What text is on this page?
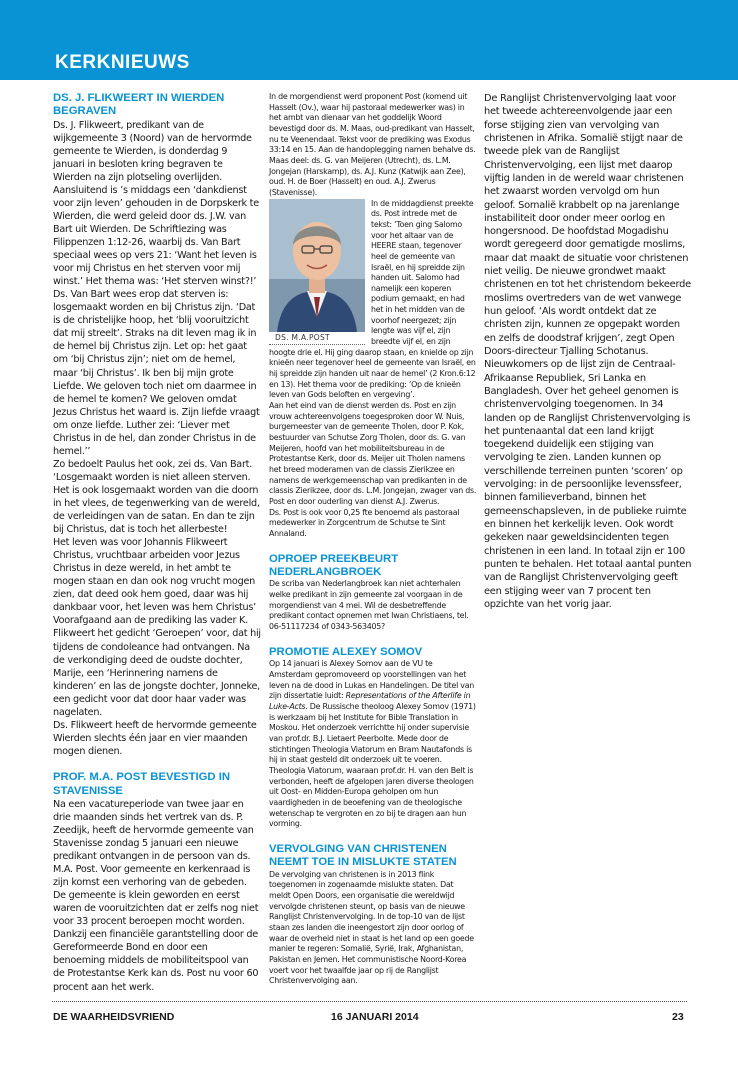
KERKNIEUWS
DS. J. FLIKWEERT IN WIERDEN BEGRAVEN

Ds. J. Flikweert, predikant van de wijkgemeente 3 (Noord) van de hervormde gemeente te Wierden, is donderdag 9 januari in besloten kring begraven te Wierden na zijn plotseling overlijden. Aansluitend is ’s middags een ‘dankdienst voor zijn leven’ gehouden in de Dorpskerk te Wierden, die werd geleid door ds. J.W. van Bart uit Wierden. De Schriftlezing was Filippenzen 1:12-26, waarbij ds. Van Bart speciaal wees op vers 21: ‘Want het leven is voor mij Christus en het sterven voor mij winst.’ Het thema was: ‘Het sterven winst?!’

Ds. Van Bart wees erop dat sterven is: losgemaakt worden en bij Christus zijn. ‘Dat is de christelijke hoop, het ‘blij vooruitzicht dat mij streelt’. Straks na dit leven mag ik in de hemel bij Christus zijn. Let op: het gaat om ‘bij Christus zijn’; niet om de hemel, maar ‘bij Christus’. Ik ben bij mijn grote Liefde. We geloven toch niet om daarmee in de hemel te komen? We geloven omdat Jezus Christus het waard is. Zijn liefde vraagt om onze liefde. Luther zei: ‘Liever met Christus in de hel, dan zonder Christus in de hemel.’’

Zo bedoelt Paulus het ook, zei ds. Van Bart. ‘Losgemaakt worden is niet alleen sterven. Het is ook losgemaakt worden van die doorn in het vlees, de tegenwerking van de wereld, de verleidingen van de satan. En dan te zijn bij Christus, dat is toch het allerbeste!

Het leven was voor Johannis Flikweert Christus, vruchtbaar arbeiden voor Jezus Christus in deze wereld, in het ambt te mogen staan en dan ook nog vrucht mogen zien, dat deed ook hem goed, daar was hij dankbaar voor, het leven was hem Christus’

Voorafgaand aan de prediking las vader K. Flikweert het gedicht ‘Geroepen’ voor, dat hij tijdens de condoleance had ontvangen. Na de verkondiging deed de oudste dochter, Marije, een ‘Herinnering namens de kinderen’ en las de jongste dochter, Jonneke, een gedicht voor dat door haar vader was nagelaten.

Ds. Flikweert heeft de hervormde gemeente Wierden slechts één jaar en vier maanden mogen dienen.

PROF. M.A. POST BEVESTIGD IN STAVENISSE

Na een vacatureperiode van twee jaar en drie maanden sinds het vertrek van ds. P. Zeedijk, heeft de hervormde gemeente van Stavenisse zondag 5 januari een nieuwe predikant ontvangen in de persoon van ds. M.A. Post. Voor gemeente en kerkenraad is zijn komst een verhoring van de gebeden.

De gemeente is klein geworden en eerst waren de vooruitzichten dat er zelfs nog niet voor 33 procent beroepen mocht worden. Dankzij een financiële garantstelling door de Gereformeerde Bond en door een benoeming middels de mobiliteitspool van de Protestantse Kerk kan ds. Post nu voor 60 procent aan het werk.

In de morgendienst werd proponent Post (komend uit Hasselt (Ov.), waar hij pastoraal medewerker was) in het ambt van dienaar van het goddelijk Woord bevestigd door ds. M. Maas, oud-predikant van Hasselt, nu te Veenendaal. Tekst voor de prediking was Exodus 33:14 en 15. Aan de handoplegging namen behalve ds. Maas deel: ds. G. van Meijeren (Utrecht), ds. L.M. Jongejan (Harskamp), ds. A.J. Kunz (Katwijk aan Zee), oud. H. de Boer (Hasselt) en oud. A.J. Zwerus (Stavenisse).

DS. M.A.POST

In de middagdienst preekte ds. Post intrede met de tekst: ‘Toen ging Salomo voor het altaar van de HEERE staan, tegenover heel de gemeente van Israël, en hij spreidde zijn handen uit. Salomo had namelijk een koperen podium gemaakt, en had het in het midden van de voorhof neergezet; zijn lengte was vijf el, zijn breedte vijf el, en zijn hoogte drie el. Hij ging daarop staan, en knielde op zijn knieën neer tegenover heel de gemeente van Israël, en hij spreidde zijn handen uit naar de hemel’ (2 Kron.6:12 en 13). Het thema voor de prediking: ‘Op de knieën leven van Gods beloften en vergeving’.

Aan het eind van de dienst werden ds. Post en zijn vrouw achtereenvolgens toegesproken door W. Nuis, burgemeester van de gemeente Tholen, door P. Kok, bestuurder van Schutse Zorg Tholen, door ds. G. van Meijeren, hoofd van het mobiliteitsbureau in de Protestantse Kerk, door ds. Meijer uit Tholen namens het breed moderamen van de classis Zierikzee en namens de werkgemeenschap van predikanten in de classis Zierikzee, door ds. L.M. Jongejan, zwager van ds. Post en door ouderling van dienst A.J. Zwerus.

Ds. Post is ook voor 0,25 fte benoemd als pastoraal medewerker in Zorgcentrum de Schutse te Sint Annaland.

OPROEP PREEKBEURT NEDERLANGBROEK

De scriba van Nederlangbroek kan niet achterhalen welke predikant in zijn gemeente zal voorgaan in de morgendienst van 4 mei. Wil de desbetreffende predikant contact opnemen met Iwan Christiaens, tel. 06-51117234 of 0343-563405?

PROMOTIE ALEXEY SOMOV

Op 14 januari is Alexey Somov aan de VU te Amsterdam gepromoveerd op voorstellingen van het leven na de dood in Lukas en Handelingen. De titel van zijn dissertatie luidt: Representations of the Afterlife in Luke-Acts. De Russische theoloog Alexey Somov (1971) is werkzaam bij het Institute for Bible Translation in Moskou. Het onderzoek verrichtte hij onder supervisie van prof.dr. B.J. Lietaert Peerbolte. Mede door de stichtingen Theologia Viatorum en Bram Nautafonds is hij in staat gesteld dit onderzoek uit te voeren. Theologia Viatorum, waaraan prof.dr. H. van den Belt is verbonden, heeft de afgelopen jaren diverse theologen uit Oost- en Midden-Europa geholpen om hun vaardigheden in de beoefening van de theologische wetenschap te vergroten en zo bij te dragen aan hun vorming.

VERVOLGING VAN CHRISTENEN NEEMT TOE IN MISLUKTE STATEN

De vervolging van christenen is in 2013 flink toegenomen in zogenaamde mislukte staten. Dat meldt Open Doors, een organisatie die wereldwijd vervolgde christenen steunt, op basis van de nieuwe Ranglijst Christenvervolging. In de top-10 van de lijst staan zes landen die ineengestort zijn door oorlog of waar de overheid niet in staat is het land op een goede manier te regeren: Somalië, Syrië, Irak, Afghanistan, Pakistan en Jemen. Het communistische Noord-Korea voert voor het twaalfde jaar op rij de Ranglijst Christenvervolging aan.

De Ranglijst Christenvervolging laat voor het tweede achtereenvolgende jaar een forse stijging zien van vervolging van christenen in Afrika. Somalië stijgt naar de tweede plek van de Ranglijst Christenvervolging, een lijst met daarop vijftig landen in de wereld waar christenen het zwaarst worden vervolgd om hun geloof. Somalië krabbelt op na jarenlange instabiliteit door onder meer oorlog en hongersnood. De hoofdstad Mogadishu wordt geregeerd door gematigde moslims, maar dat maakt de situatie voor christenen niet veilig. De nieuwe grondwet maakt christenen en tot het christendom bekeerde moslims overtreders van de wet vanwege hun geloof. ‘Als wordt ontdekt dat ze christen zijn, kunnen ze opgepakt worden en zelfs de doodstraf krijgen’, zegt Open Doors-directeur Tjalling Schotanus.

Nieuwkomers op de lijst zijn de Centraal-Afrikaanse Republiek, Sri Lanka en Bangladesh. Over het geheel genomen is christenvervolging toegenomen. In 34 landen op de Ranglijst Christenvervolging is het puntenaantal dat een land krijgt toegekend duidelijk een stijging van vervolging te zien. Landen kunnen op verschillende terreinen punten ‘scoren’ op vervolging: in de persoonlijke levenssfeer, binnen familieverband, binnen het gemeenschapsleven, in de publieke ruimte en binnen het kerkelijk leven. Ook wordt gekeken naar geweldsincidenten tegen christenen in een land. In totaal zijn er 100 punten te behalen. Het totaal aantal punten van de Ranglijst Christenvervolging geeft een stijging weer van 7 procent ten opzichte van het vorig jaar.

DE WAARHEIDSVRIEND	16 JANUARI 2014	23
